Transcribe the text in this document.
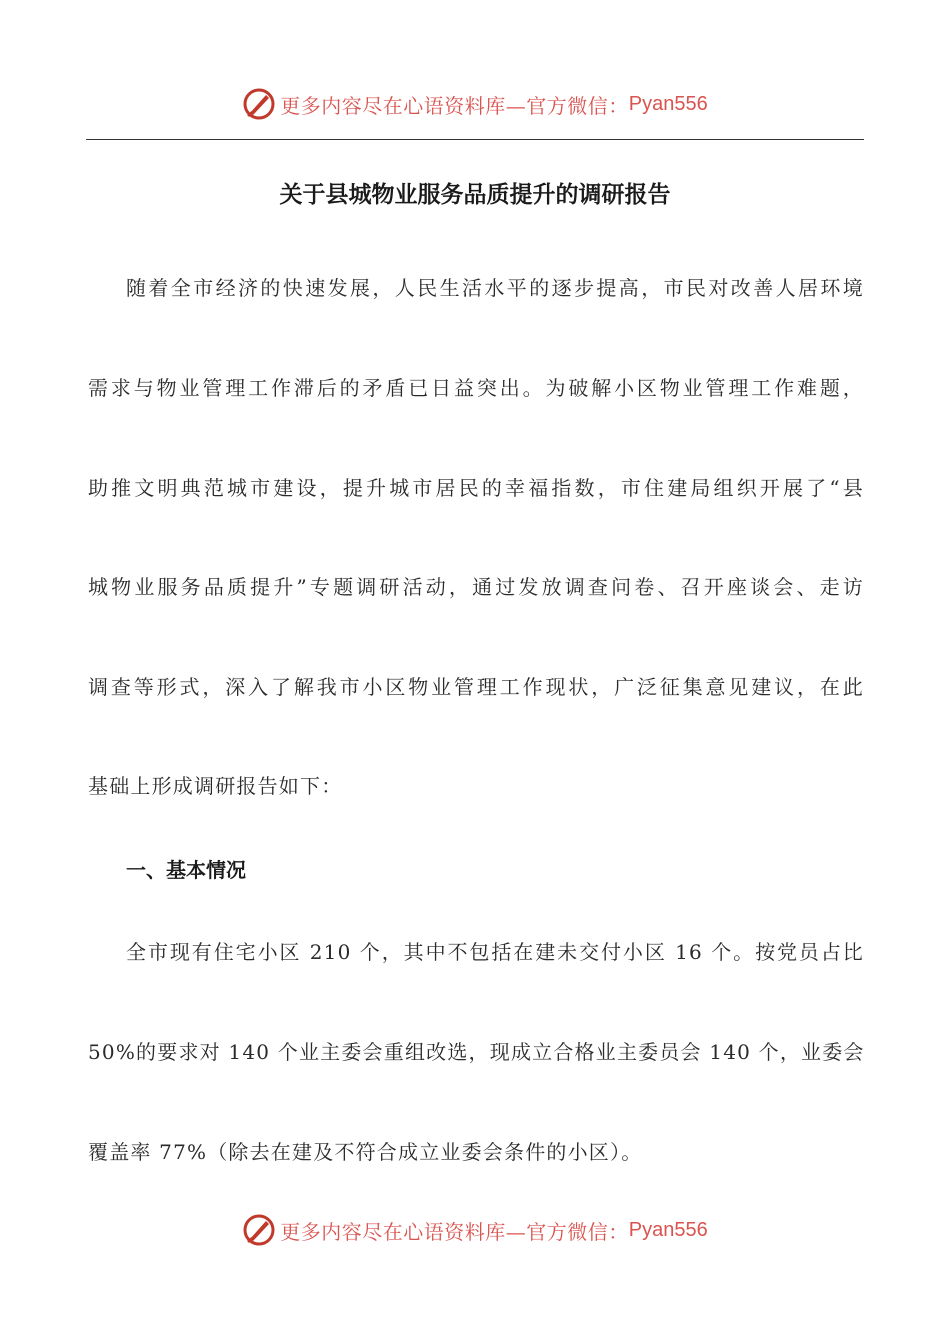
更多内容尽在心语资料库—官方微信： Pyan556
关于县城物业服务品质提升的调研报告
随着全市经济的快速发展，人民生活水平的逐步提高，市民对改善人居环境
需求与物业管理工作滞后的矛盾已日益突出。为破解小区物业管理工作难题，
助推文明典范城市建设，提升城市居民的幸福指数，市住建局组织开展了“县
城物业服务品质提升”专题调研活动，通过发放调查问卷、召开座谈会、走访
调查等形式，深入了解我市小区物业管理工作现状，广泛征集意见建议，在此
基础上形成调研报告如下：
一、基本情况
全市现有住宅小区 210 个，其中不包括在建未交付小区 16 个。按党员占比
50%的要求对 140 个业主委会重组改选，现成立合格业主委员会 140 个，业委会
覆盖率 77%（除去在建及不符合成立业委会条件的小区）。
更多内容尽在心语资料库—官方微信： Pyan556
